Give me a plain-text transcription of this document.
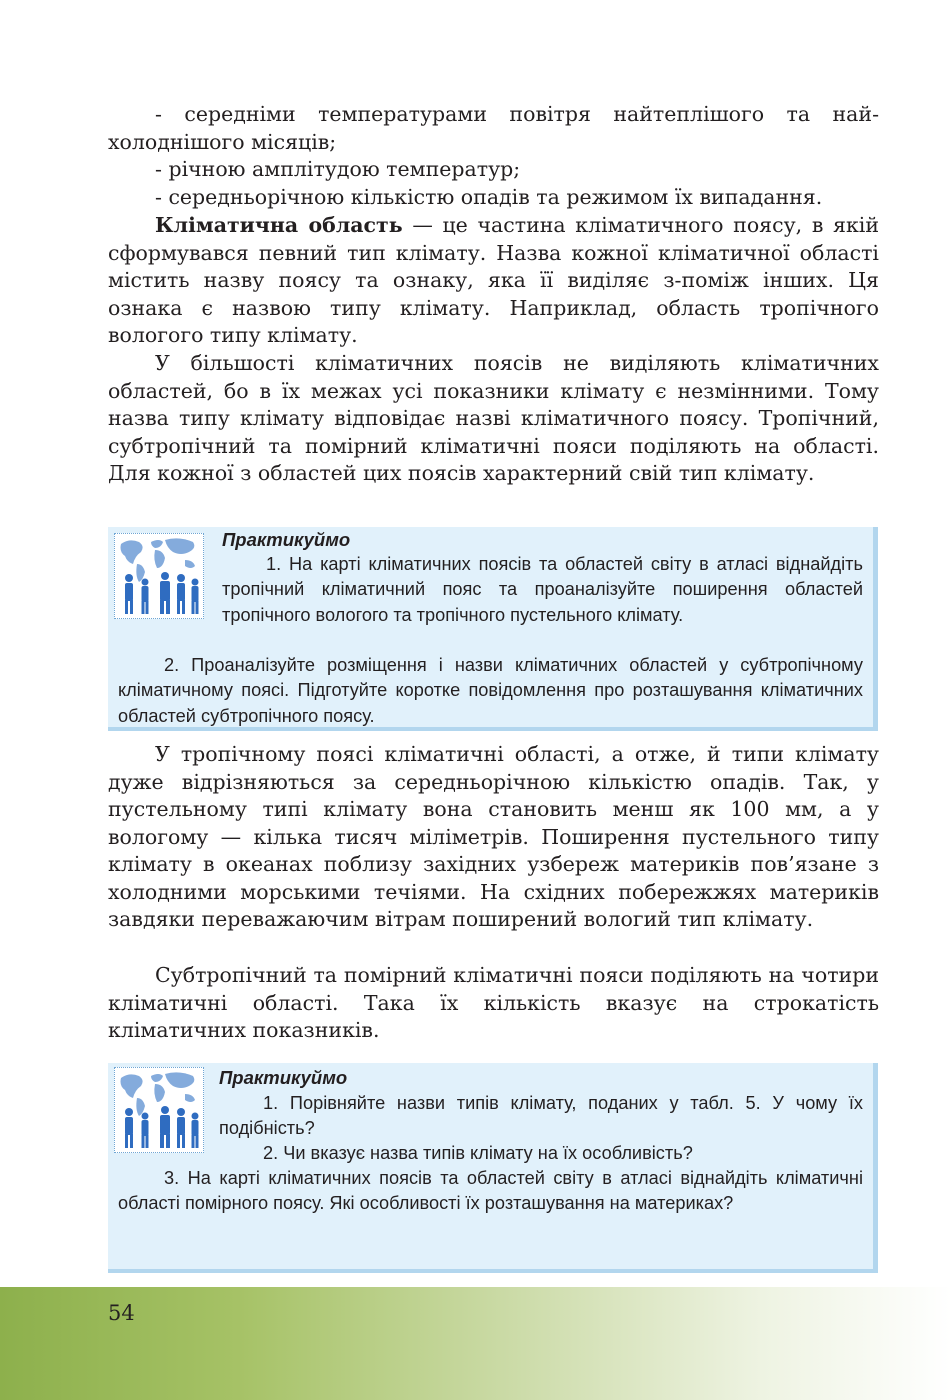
- середніми температурами повітря найтеплішого та най-холоднішого місяців;

- річною амплітудою температур;

- середньорічною кількістю опадів та режимом їх випадання.

Кліматична область — це частина кліматичного поясу, в якій сформувався певний тип клімату. Назва кожної кліматичної області містить назву поясу та ознаку, яка її виділяє з-поміж інших. Ця ознака є назвою типу клімату. Наприклад, область тропічного вологого типу клімату.

У більшості кліматичних поясів не виділяють кліматичних областей, бо в їх межах усі показники клімату є незмінними. Тому назва типу клімату відповідає назві кліматичного поясу. Тропічний, субтропічний та помірний кліматичні пояси поділяють на області. Для кожної з областей цих поясів характерний свій тип клімату.

Практикуймо
1. На карті кліматичних поясів та областей світу в атласі віднайдіть тропічний кліматичний пояс та проаналізуйте поширення областей тропічного вологого та тропічного пустельного клімату.
2. Проаналізуйте розміщення і назви кліматичних областей у субтропічному кліматичному поясі. Підготуйте коротке повідомлення про розташування кліматичних областей субтропічного поясу.

У тропічному поясі кліматичні області, а отже, й типи клімату дуже відрізняються за середньорічною кількістю опадів. Так, у пустельному типі клімату вона становить менш як 100 мм, а у вологому — кілька тисяч міліметрів. Поширення пустельного типу клімату в океанах поблизу західних узбереж материків пов’язане з холодними морськими течіями. На східних побережжях материків завдяки переважаючим вітрам поширений вологий тип клімату.

Субтропічний та помірний кліматичні пояси поділяють на чотири кліматичні області. Така їх кількість вказує на строкатість кліматичних показників.

Практикуймо
1. Порівняйте назви типів клімату, поданих у табл. 5. У чому їх подібність?
2. Чи вказує назва типів клімату на їх особливість?
3. На карті кліматичних поясів та областей світу в атласі віднайдіть кліматичні області помірного поясу. Які особливості їх розташування на материках?
54
